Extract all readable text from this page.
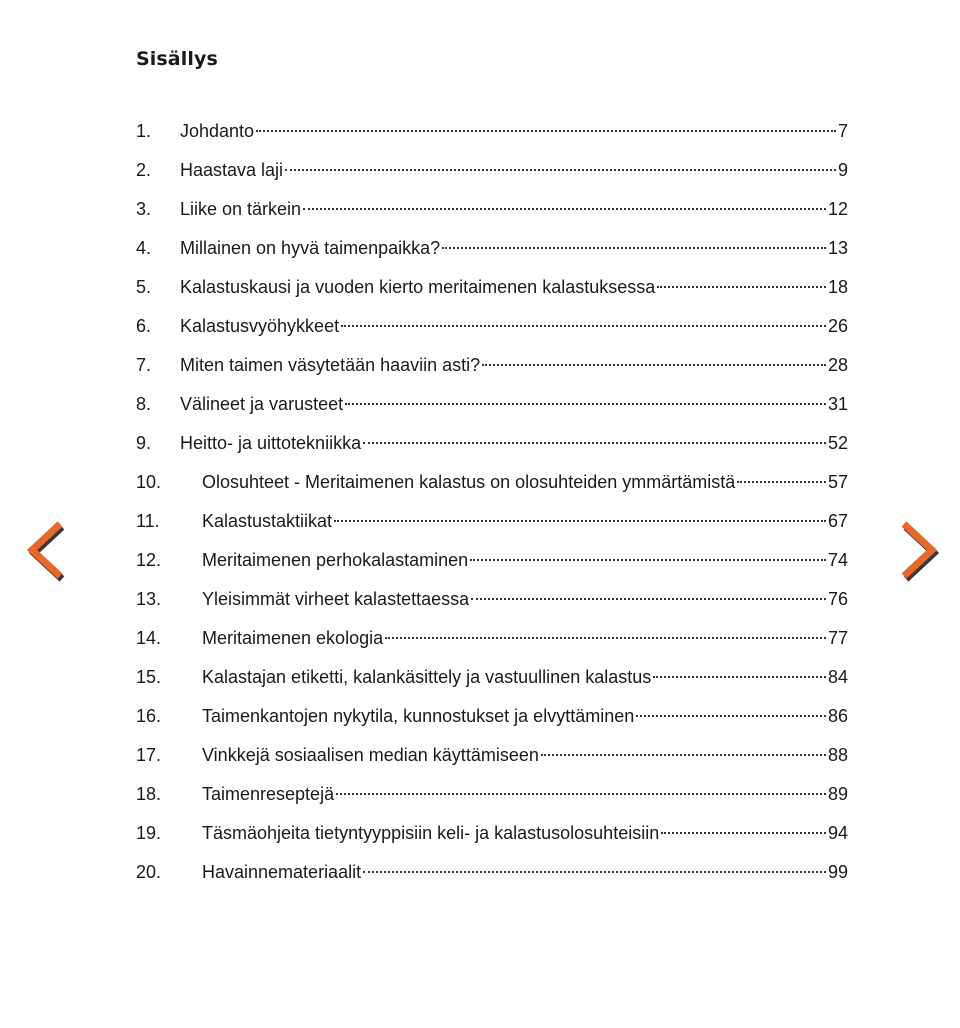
Sisällys
1.	Johdanto	7
2.	Haastava laji	9
3.	Liike on tärkein	12
4.	Millainen on hyvä taimenpaikka?	13
5.	Kalastuskausi ja vuoden kierto meritaimenen kalastuksessa	18
6.	Kalastusvyöhykkeet	26
7.	Miten taimen väsytetään haaviin asti?	28
8.	Välineet ja varusteet	31
9.	Heitto- ja uittotekniikka	52
10.	Olosuhteet - Meritaimenen kalastus on olosuhteiden ymmärtämistä	57
11.	Kalastustaktiikat	67
12.	Meritaimenen perhokalastaminen	74
13.	Yleisimmät virheet kalastettaessa	76
14.	Meritaimenen ekologia	77
15.	Kalastajan etiketti, kalankäsittely ja vastuullinen kalastus	84
16.	Taimenkantojen nykytila, kunnostukset ja elvyttäminen	86
17.	Vinkkejä sosiaalisen median käyttämiseen	88
18.	Taimenreseptejä	89
19.	Täsmäohjeita tietyntyyppisiin keli- ja kalastusolosuhteisiin	94
20.	Havainnemateriaalit	99
